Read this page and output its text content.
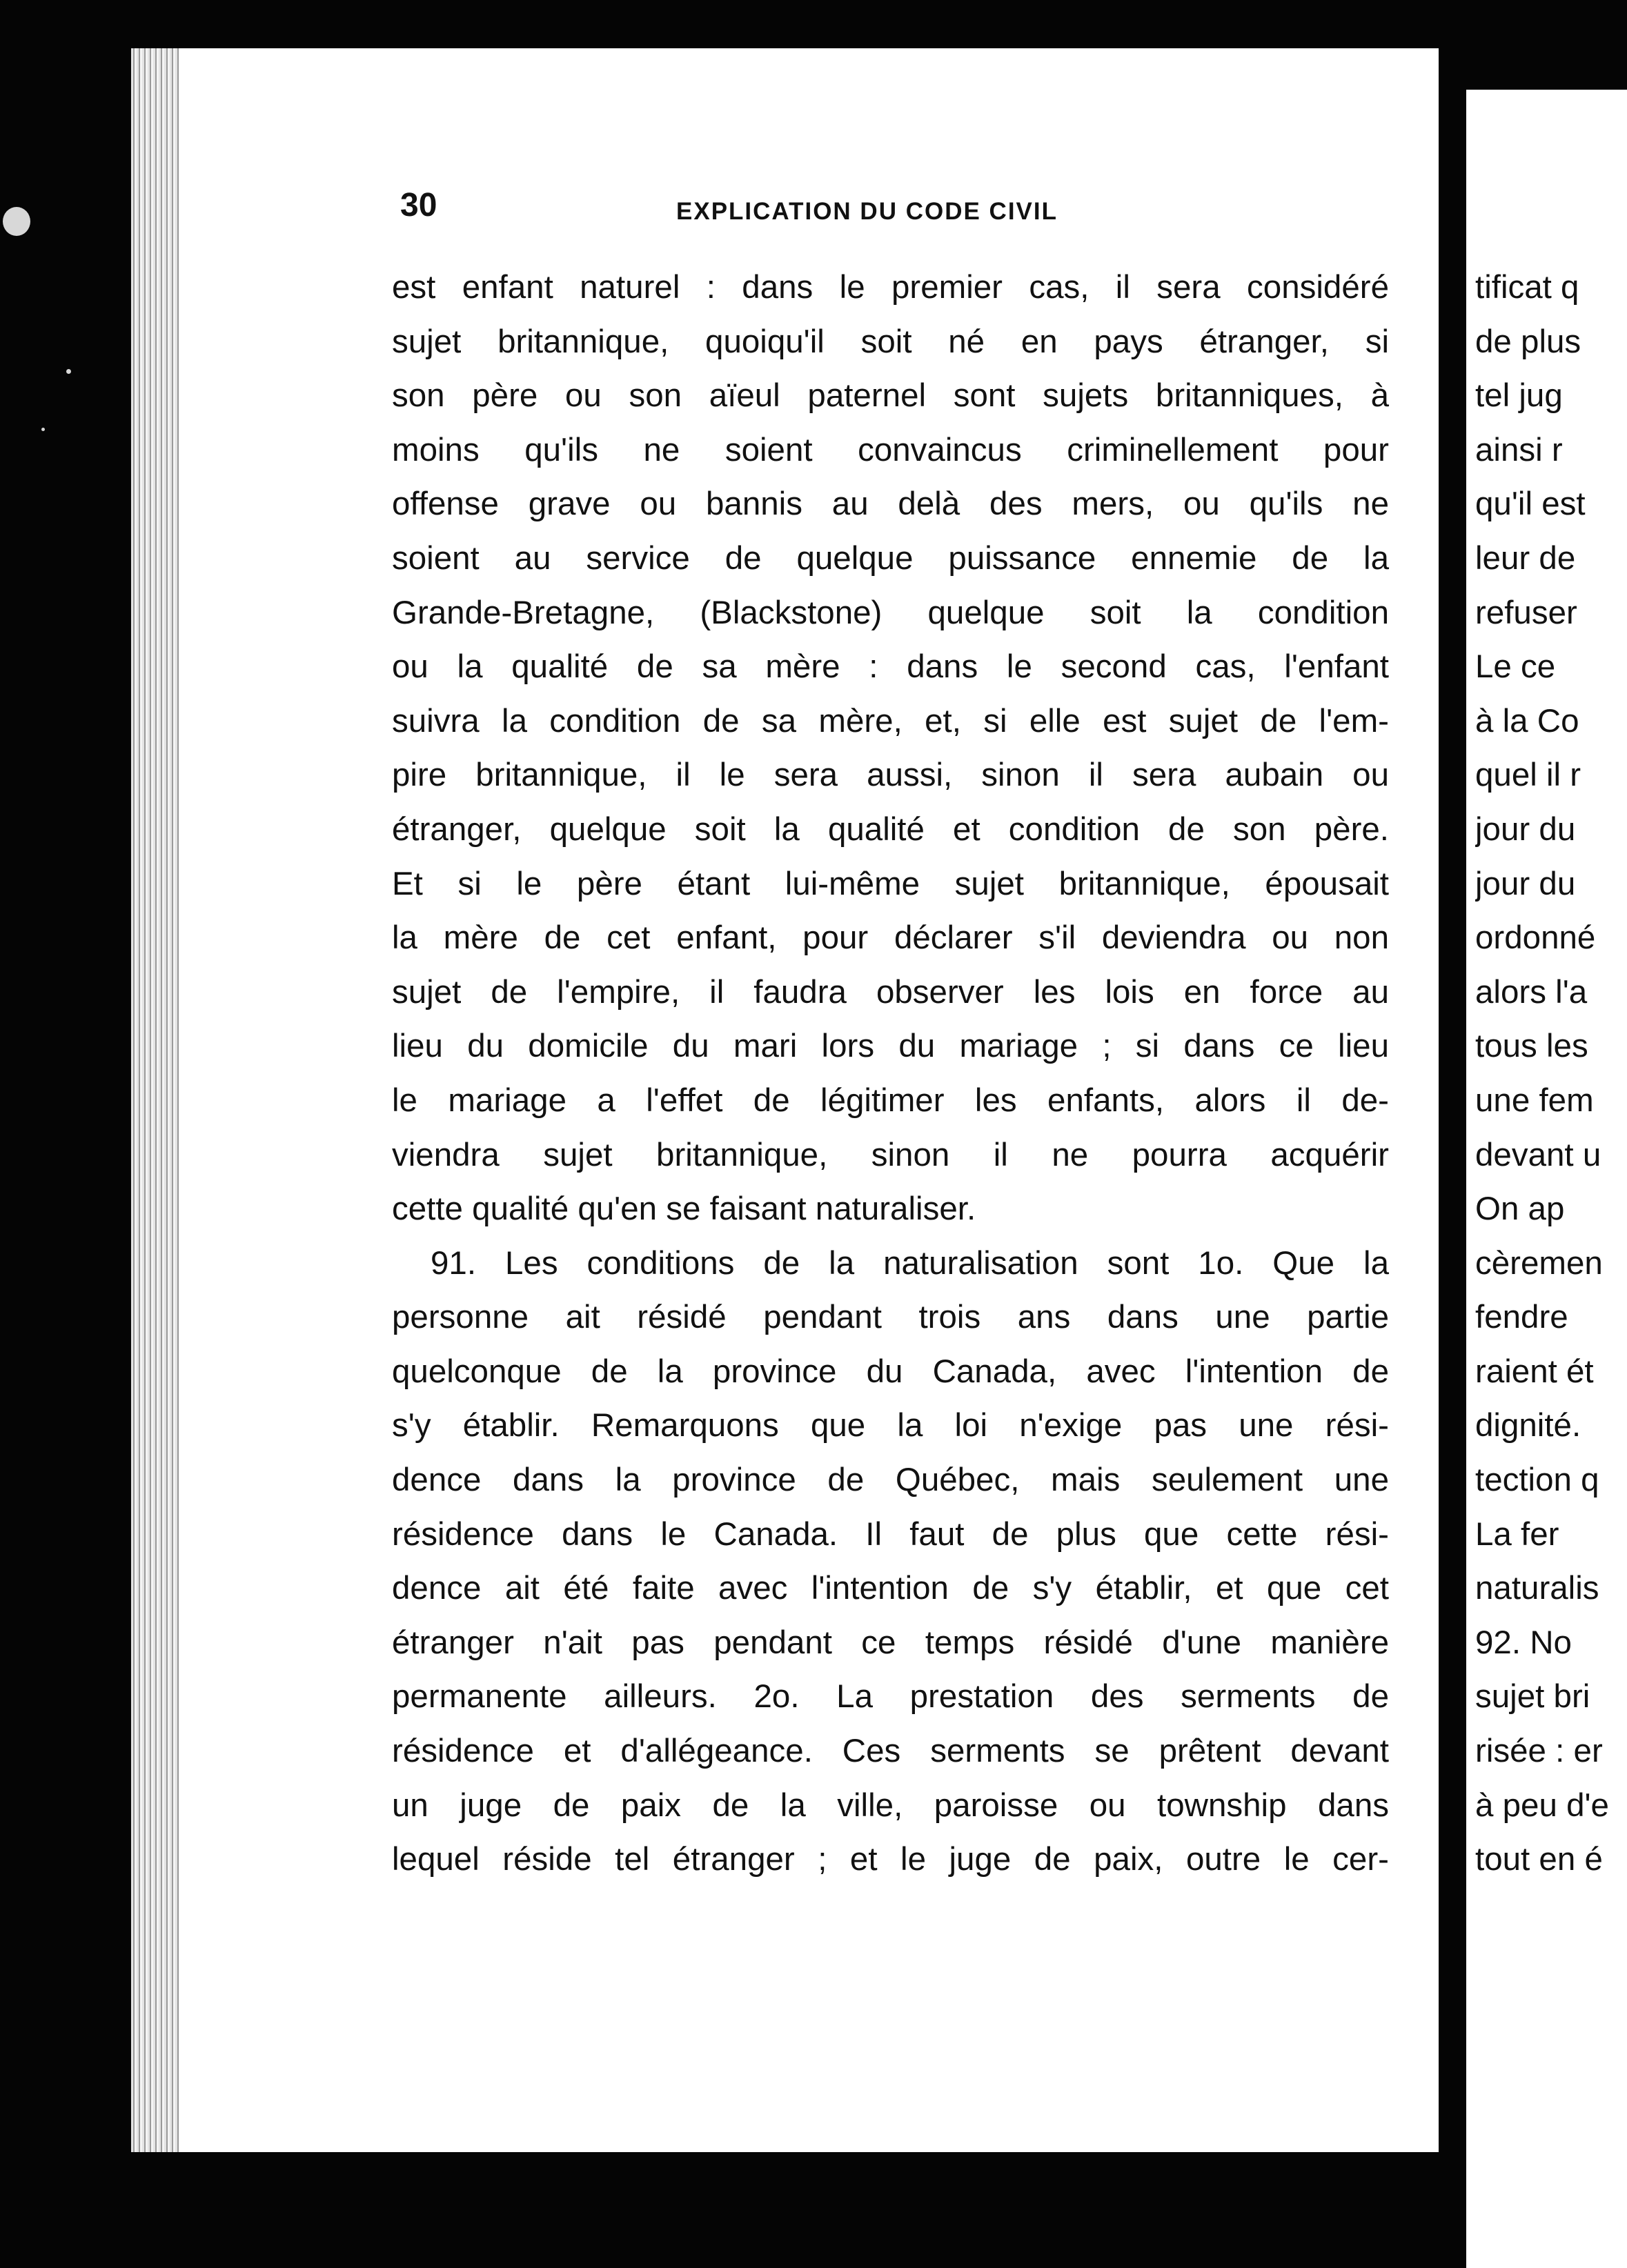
30	EXPLICATION DU CODE CIVIL
est enfant naturel : dans le premier cas, il sera considéré
sujet britannique, quoiqu'il soit né en pays étranger, si
son père ou son aïeul paternel sont sujets britanniques, à
moins qu'ils ne soient convaincus criminellement pour
offense grave ou bannis au delà des mers, ou qu'ils ne
soient au service de quelque puissance ennemie de la
Grande-Bretagne, (Blackstone) quelque soit la condition
ou la qualité de sa mère : dans le second cas, l'enfant
suivra la condition de sa mère, et, si elle est sujet de l'em-
pire britannique, il le sera aussi, sinon il sera aubain ou
étranger, quelque soit la qualité et condition de son père.
Et si le père étant lui-même sujet britannique, épousait
la mère de cet enfant, pour déclarer s'il deviendra ou non
sujet de l'empire, il faudra observer les lois en force au
lieu du domicile du mari lors du mariage ; si dans ce lieu
le mariage a l'effet de légitimer les enfants, alors il de-
viendra sujet britannique, sinon il ne pourra acquérir
cette qualité qu'en se faisant naturaliser.
91. Les conditions de la naturalisation sont 1o. Que la
personne ait résidé pendant trois ans dans une partie
quelconque de la province du Canada, avec l'intention de
s'y établir. Remarquons que la loi n'exige pas une rési-
dence dans la province de Québec, mais seulement une
résidence dans le Canada. Il faut de plus que cette rési-
dence ait été faite avec l'intention de s'y établir, et que cet
étranger n'ait pas pendant ce temps résidé d'une manière
permanente ailleurs. 2o. La prestation des serments de
résidence et d'allégeance. Ces serments se prêtent devant
un juge de paix de la ville, paroisse ou township dans
lequel réside tel étranger ; et le juge de paix, outre le cer-
tificat q
de plus
tel jug
ainsi r
qu'il est
leur de
refuser
Le ce
à la Co
quel il r
jour du
jour du
ordonné
alors l'a
tous les
une fem
devant u
On ap
cèremen
fendre
raient ét
dignité.
tection q
La fer
naturalis
92. No
sujet bri
risée : er
à peu d'e
tout en é
